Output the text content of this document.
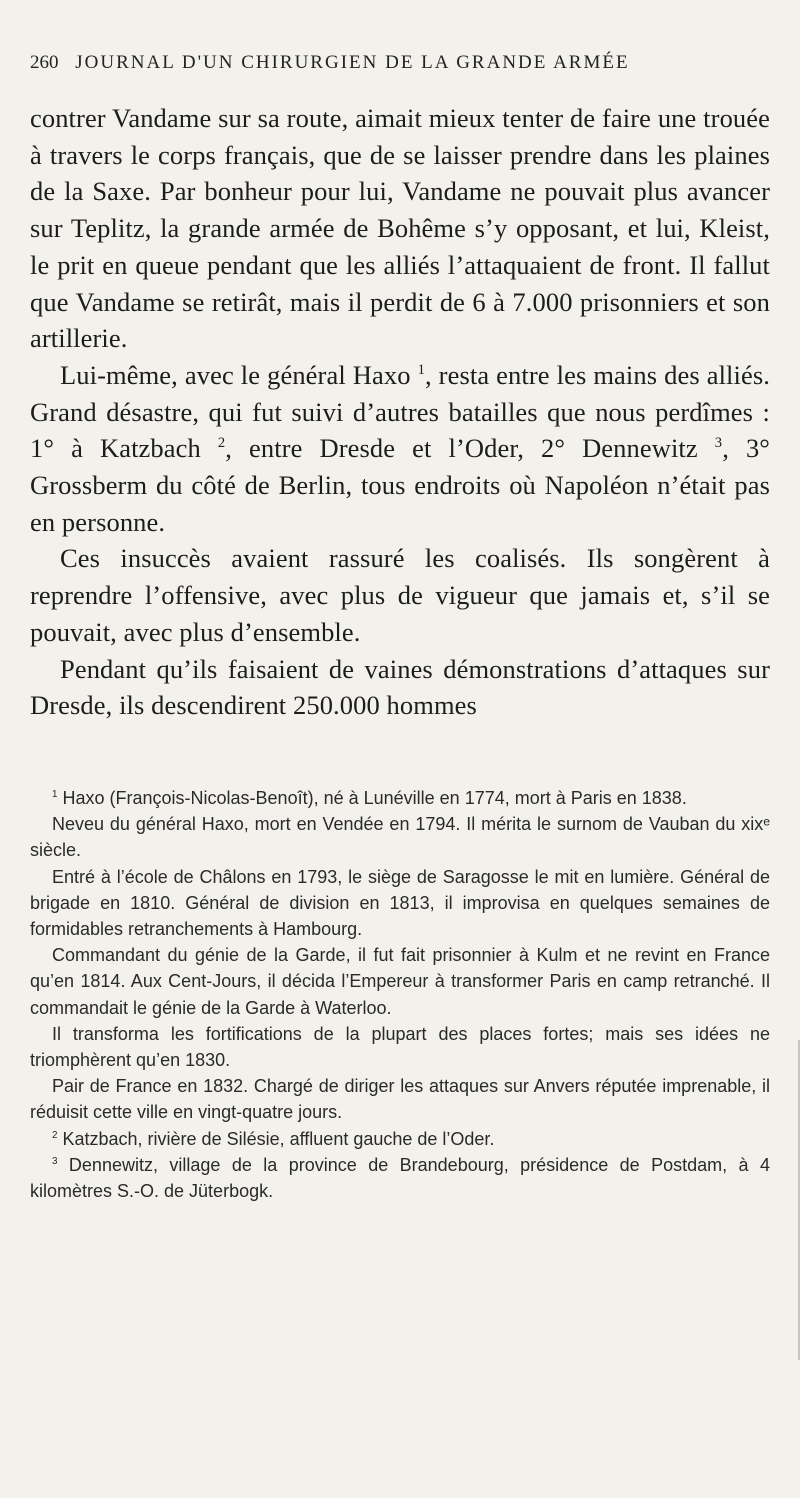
260 JOURNAL D'UN CHIRURGIEN DE LA GRANDE ARMÉE

contrer Vandame sur sa route, aimait mieux tenter de faire une trouée à travers le corps français, que de se laisser prendre dans les plaines de la Saxe. Par bonheur pour lui, Vandame ne pouvait plus avancer sur Teplitz, la grande armée de Bohême s’y opposant, et lui, Kleist, le prit en queue pendant que les alliés l’attaquaient de front. Il fallut que Vandame se retirât, mais il perdit de 6 à 7.000 prisonniers et son artillerie.

Lui-même, avec le général Haxo $^1$, resta entre les mains des alliés. Grand désastre, qui fut suivi d’autres batailles que nous perdîmes : 1° à Katzbach $^2$, entre Dresde et l’Oder, 2° Dennewitz $^3$, 3° Grossberm du côté de Berlin, tous endroits où Napoléon n’était pas en personne.

Ces insuccès avaient rassuré les coalisés. Ils songèrent à reprendre l’offensive, avec plus de vigueur que jamais et, s’il se pouvait, avec plus d’ensemble.

Pendant qu’ils faisaient de vaines démonstrations d’attaques sur Dresde, ils descendirent 250.000 hommes

$^1$ Haxo (François-Nicolas-Benoît), né à Lunéville en 1774, mort à Paris en 1838.

Neveu du général Haxo, mort en Vendée en 1794. Il mérita le surnom de Vauban du xixᵉ siècle.

Entré à l’école de Châlons en 1793, le siège de Saragosse le mit en lumière. Général de brigade en 1810. Général de division en 1813, il improvisa en quelques semaines de formidables retranchements à Hambourg.

Commandant du génie de la Garde, il fut fait prisonnier à Kulm et ne revint en France qu’en 1814. Aux Cent-Jours, il décida l’Empereur à transformer Paris en camp retranché. Il commandait le génie de la Garde à Waterloo.

Il transforma les fortifications de la plupart des places fortes; mais ses idées ne triomphèrent qu’en 1830.

Pair de France en 1832. Chargé de diriger les attaques sur Anvers réputée imprenable, il réduisit cette ville en vingt-quatre jours.

$^2$ Katzbach, rivière de Silésie, affluent gauche de l’Oder.

$^3$ Dennewitz, village de la province de Brandebourg, présidence de Postdam, à 4 kilomètres S.-O. de Jüterbogk.
